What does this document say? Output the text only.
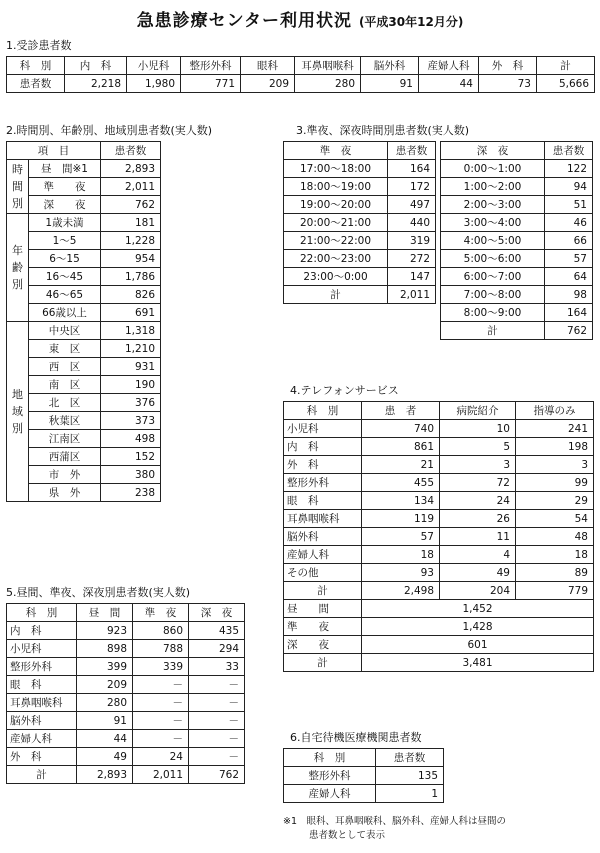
急患診療センター利用状況 (平成30年12月分)
1.受診患者数
科　別	内　科	小児科	整形外科	眼科	耳鼻咽喉科	脳外科	産婦人科	外　科	計
患者数	2,218	1,980	771	209	280	91	44	73	5,666
2.時間別、年齢別、地域別患者数(実人数)
項　目		患者数

時
間
別	昼　間※1	2,893
	準　　夜	2,011
	深　　夜	762

年
齢
別	1歳未満	181
	1～5	1,228
	6～15	954
	16～45	1,786
	46～65	826
	66歳以上	691

地
域
別	中央区	1,318
	東　区	1,210
	西　区	931
	南　区	190
	北　区	376
	秋葉区	373
	江南区	498
	西蒲区	152
	市　外	380
	県　外	238
3.準夜、深夜時間別患者数(実人数)
準　夜	患者数
17:00～18:00	164
18:00～19:00	172
19:00～20:00	497
20:00～21:00	440
21:00～22:00	319
22:00～23:00	272
23:00～0:00	147
計	2,011
深　夜	患者数
0:00～1:00	122
1:00～2:00	94
2:00～3:00	51
3:00～4:00	46
4:00～5:00	66
5:00～6:00	57
6:00～7:00	64
7:00～8:00	98
8:00～9:00	164
計	762
4.テレフォンサービス
科　別	患　者	病院紹介	指導のみ
小児科	740	10	241
内　科	861	5	198
外　科	21	3	3
整形外科	455	72	99
眼　科	134	24	29
耳鼻咽喉科	119	26	54
脳外科	57	11	48
産婦人科	18	4	18
その他	93	49	89
計	2,498	204	779
昼　　間	1,452		
準　　夜	1,428		
深　　夜	601		
計	3,481		
5.昼間、準夜、深夜別患者数(実人数)
科　別	昼　間	準　夜	深　夜
内　科	923	860	435
小児科	898	788	294
整形外科	399	339	33
眼　科	209	－	－
耳鼻咽喉科	280	－	－
脳外科	91	－	－
産婦人科	44	－	－
外　科	49	24	－
計	2,893	2,011	762
6.自宅待機医療機関患者数
科　別	患者数
整形外科	135
産婦人科	1
※1　 眼科、耳鼻咽喉科、脳外科、産婦人科は昼間の
患者数として表示
